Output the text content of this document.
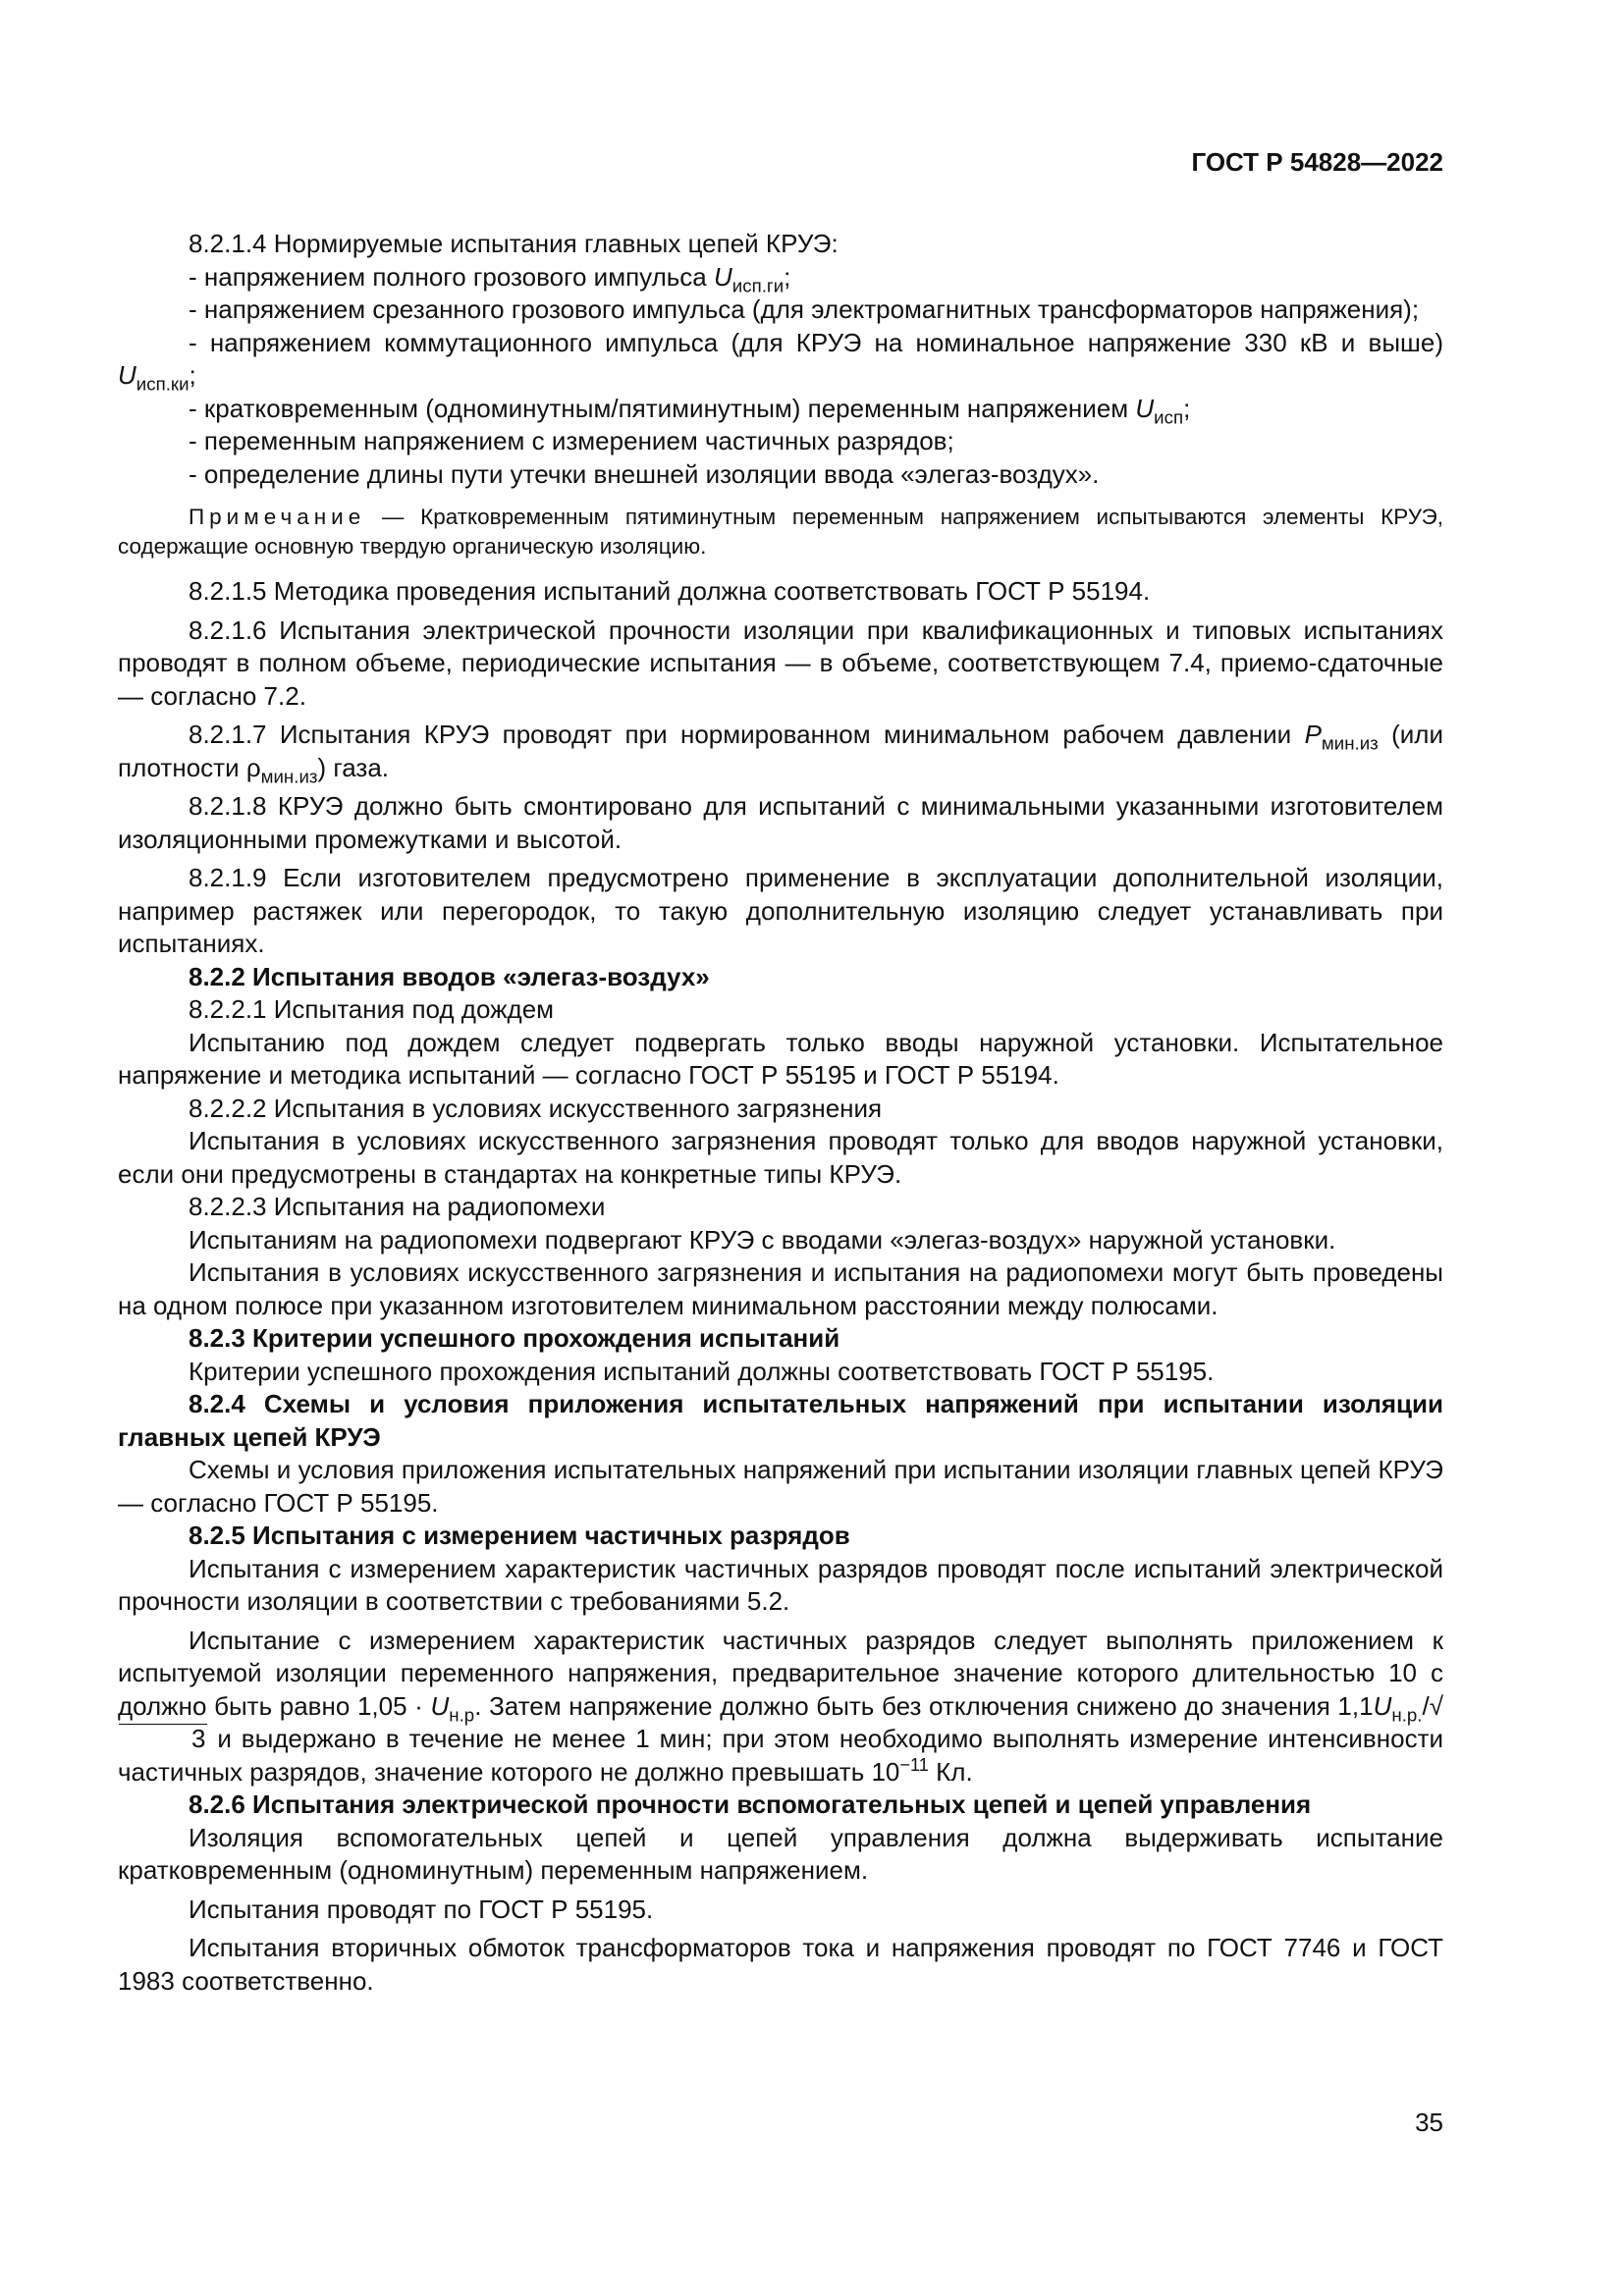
ГОСТ Р 54828—2022

8.2.1.4 Нормируемые испытания главных цепей КРУЭ:

- напряжением полного грозового импульса $U_{исп.ги}$;

- напряжением срезанного грозового импульса (для электромагнитных трансформаторов напряжения);

- напряжением коммутационного импульса (для КРУЭ на номинальное напряжение 330 кВ и выше) $U_{исп.ки}$;

- кратковременным (одноминутным/пятиминутным) переменным напряжением $U_{исп}$;

- переменным напряжением с измерением частичных разрядов;

- определение длины пути утечки внешней изоляции ввода «элегаз-воздух».

Примечание — Кратковременным пятиминутным переменным напряжением испытываются элементы КРУЭ, содержащие основную твердую органическую изоляцию.

8.2.1.5 Методика проведения испытаний должна соответствовать ГОСТ Р 55194.

8.2.1.6 Испытания электрической прочности изоляции при квалификационных и типовых испытаниях проводят в полном объеме, периодические испытания — в объеме, соответствующем 7.4, приемо-сдаточные — согласно 7.2.

8.2.1.7 Испытания КРУЭ проводят при нормированном минимальном рабочем давлении $P_{мин.из}$ (или плотности $\rho_{мин.из}$) газа.

8.2.1.8 КРУЭ должно быть смонтировано для испытаний с минимальными указанными изготовителем изоляционными промежутками и высотой.

8.2.1.9 Если изготовителем предусмотрено применение в эксплуатации дополнительной изоляции, например растяжек или перегородок, то такую дополнительную изоляцию следует устанавливать при испытаниях.

8.2.2 Испытания вводов «элегаз-воздух»

8.2.2.1 Испытания под дождем

Испытанию под дождем следует подвергать только вводы наружной установки. Испытательное напряжение и методика испытаний — согласно ГОСТ Р 55195 и ГОСТ Р 55194.

8.2.2.2 Испытания в условиях искусственного загрязнения

Испытания в условиях искусственного загрязнения проводят только для вводов наружной установки, если они предусмотрены в стандартах на конкретные типы КРУЭ.

8.2.2.3 Испытания на радиопомехи

Испытаниям на радиопомехи подвергают КРУЭ с вводами «элегаз-воздух» наружной установки.

Испытания в условиях искусственного загрязнения и испытания на радиопомехи могут быть проведены на одном полюсе при указанном изготовителем минимальном расстоянии между полюсами.

8.2.3 Критерии успешного прохождения испытаний

Критерии успешного прохождения испытаний должны соответствовать ГОСТ Р 55195.

8.2.4 Схемы и условия приложения испытательных напряжений при испытании изоляции главных цепей КРУЭ

Схемы и условия приложения испытательных напряжений при испытании изоляции главных цепей КРУЭ — согласно ГОСТ Р 55195.

8.2.5 Испытания с измерением частичных разрядов

Испытания с измерением характеристик частичных разрядов проводят после испытаний электрической прочности изоляции в соответствии с требованиями 5.2.

Испытание с измерением характеристик частичных разрядов следует выполнять приложением к испытуемой изоляции переменного напряжения, предварительное значение которого длительностью 10 с должно быть равно $1,05 \cdot U_{н.р}$. Затем напряжение должно быть без отключения снижено до значения $1,1U_{н.р.}/√3$ и выдержано в течение не менее 1 мин; при этом необходимо выполнять измерение интенсивности частичных разрядов, значение которого не должно превышать $10^{-11}$ Кл.

8.2.6 Испытания электрической прочности вспомогательных цепей и цепей управления

Изоляция вспомогательных цепей и цепей управления должна выдерживать испытание кратковременным (одноминутным) переменным напряжением.

Испытания проводят по ГОСТ Р 55195.

Испытания вторичных обмоток трансформаторов тока и напряжения проводят по ГОСТ 7746 и ГОСТ 1983 соответственно.

35
